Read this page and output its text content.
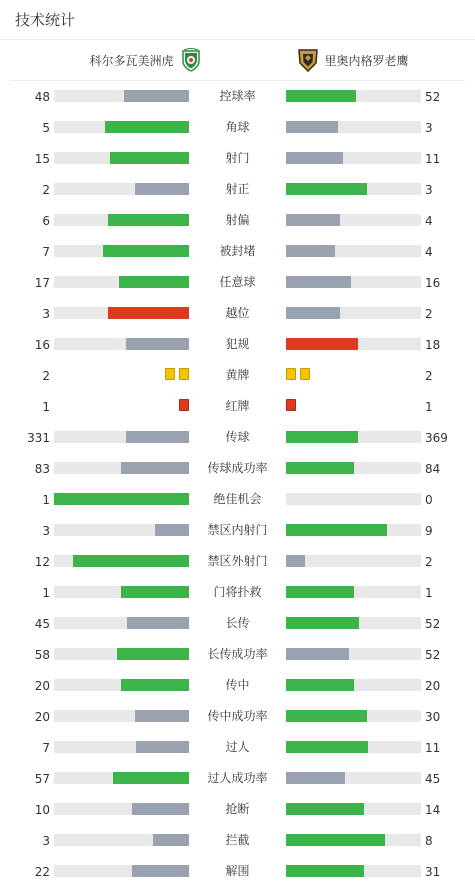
技术统计
科尔多瓦美洲虎	里奥内格罗老鹰
48	控球率	52
5	角球	3
15	射门	11
2	射正	3
6	射偏	4
7	被封堵	4
17	任意球	16
3	越位	2
16	犯规	18
2	黄牌	2
1	红牌	1
331	传球	369
83	传球成功率	84
1	绝佳机会	0
3	禁区内射门	9
12	禁区外射门	2
1	门将扑救	1
45	长传	52
58	长传成功率	52
20	传中	20
20	传中成功率	30
7	过人	11
57	过人成功率	45
10	抢断	14
3	拦截	8
22	解围	31
